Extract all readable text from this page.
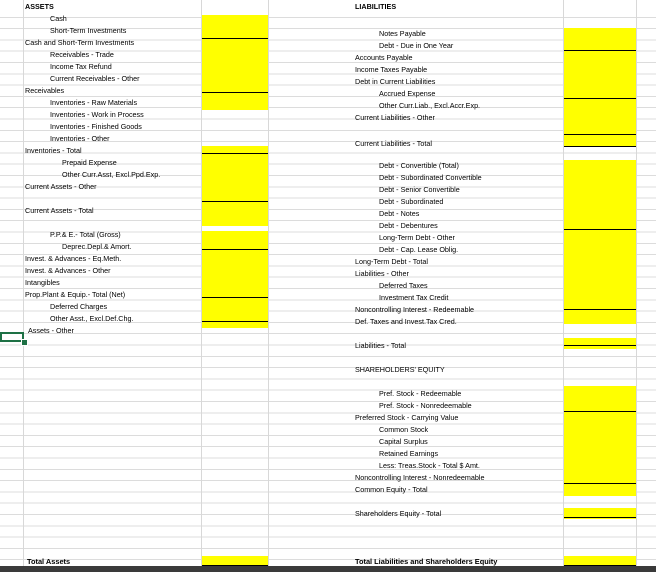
ASSETS
Cash
Short-Term Investments
Cash and Short-Term Investments
Receivables - Trade
Income Tax Refund
Current Receivables - Other
Receivables
Inventories - Raw Materials
Inventories - Work in Process
Inventories - Finished Goods
Inventories - Other
Inventories - Total
Prepaid Expense
Other Curr.Asst, Excl.Ppd.Exp.
Current Assets - Other
Current Assets - Total
P.P.& E.- Total (Gross)
Deprec.Depl.& Amort.
Invest. & Advances - Eq.Meth.
Invest. & Advances - Other
Intangibles
Prop.Plant & Equip.- Total (Net)
Deferred Charges
Other Asst., Excl.Def.Chg.
Assets - Other
Total Assets
LIABILITIES
Notes Payable
Debt - Due in One Year
Accounts Payable
Income Taxes Payable
Debt in Current Liabilities
Accrued Expense
Other Curr.Liab., Excl.Accr.Exp.
Current Liabilities - Other
Current Liabilities - Total
Debt - Convertible (Total)
Debt - Subordinated Convertible
Debt - Senior Convertible
Debt - Subordinated
Debt - Notes
Debt - Debentures
Long-Term Debt - Other
Debt - Cap. Lease Oblig.
Long-Term Debt - Total
Liabilities - Other
Deferred Taxes
Investment Tax Credit
Noncontrolling Interest - Redeemable
Def. Taxes and Invest.Tax Cred.
Liabilities - Total
SHAREHOLDERS' EQUITY
Pref. Stock - Redeemable
Pref. Stock - Nonredeemable
Preferred Stock - Carrying Value
Common Stock
Capital Surplus
Retained Earnings
Less: Treas.Stock - Total $ Amt.
Noncontrolling Interest - Nonredeemable
Common Equity - Total
Shareholders Equity - Total
Total Liabilities and Shareholders Equity
